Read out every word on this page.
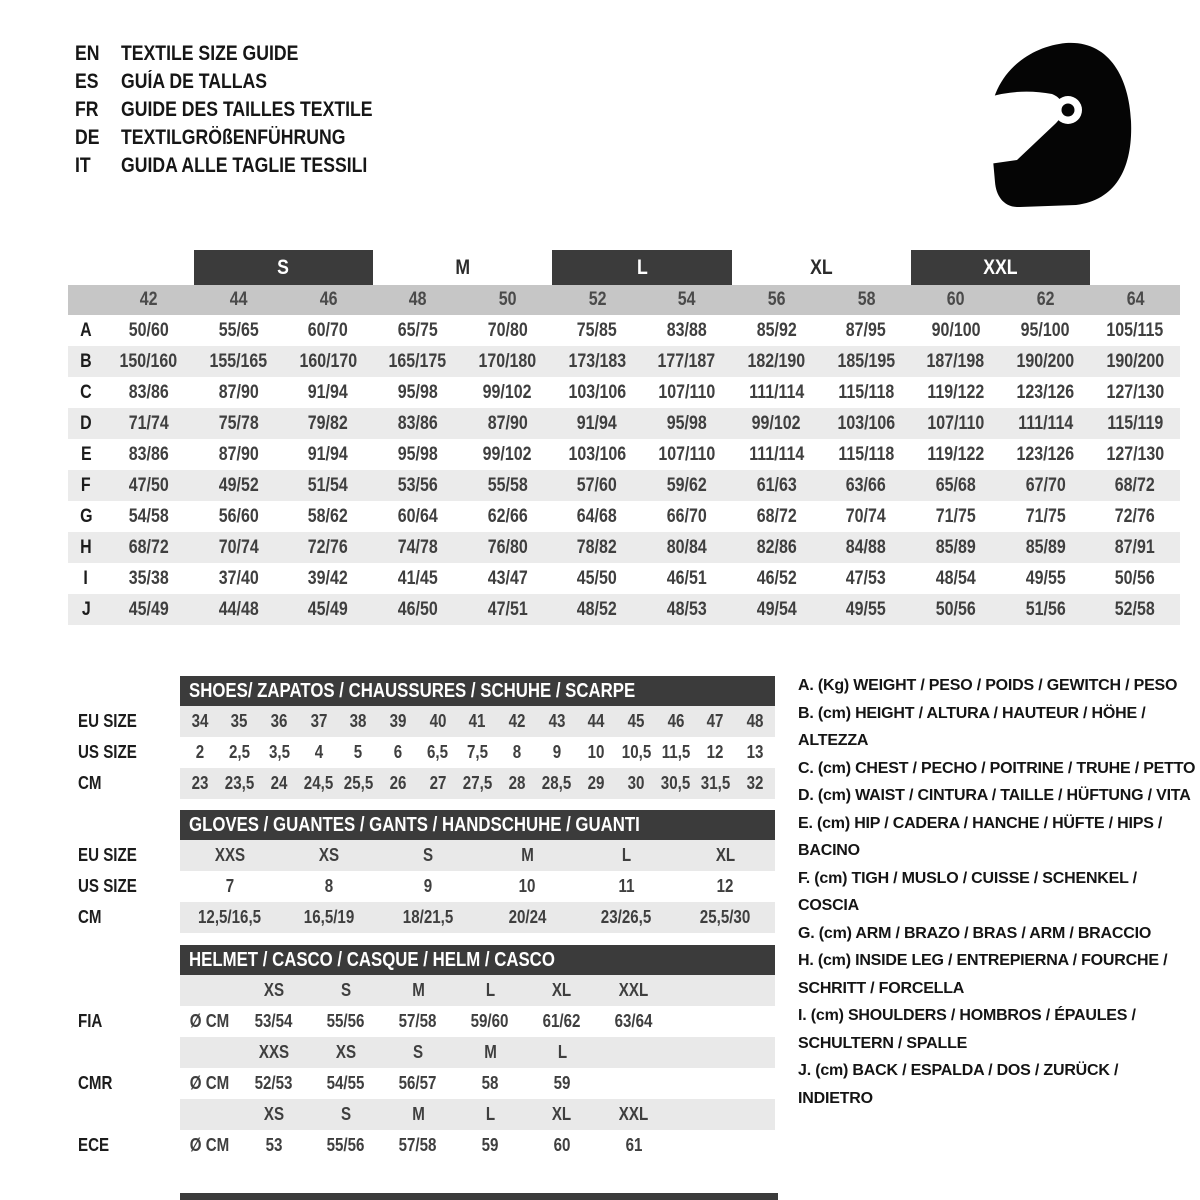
EN	TEXTILE SIZE GUIDE
ES	GUÍA DE TALLAS
FR	GUIDE DES TAILLES TEXTILE
DE	TEXTILGRÖßENFÜHRUNG
IT	GUIDA ALLE TAGLIE TESSILI
S	M	L	XL	XXL
42	44	46	48	50	52	54	56	58	60	62	64
A 50/60	55/65	60/70	65/75	70/80	75/85	83/88	85/92	87/95 90/100 95/100 105/115
B 150/160 155/165 160/170 165/175 170/180 173/183 177/187 182/190 185/195 187/198 190/200 190/200
C 83/86	87/90	91/94	95/98 99/102 103/106 107/110 111/114 115/118 119/122 123/126 127/130
D 71/74	75/78	79/82	83/86	87/90	91/94	95/98 99/102 103/106 107/110 111/114 115/119
E 83/86	87/90	91/94	95/98 99/102 103/106 107/110 111/114 115/118 119/122 123/126 127/130
F 47/50	49/52	51/54	53/56	55/58	57/60	59/62	61/63	63/66	65/68	67/70	68/72
G 54/58	56/60	58/62	60/64	62/66	64/68	66/70	68/72	70/74	71/75	71/75	72/76
H 68/72	70/74	72/76	74/78	76/80	78/82	80/84	82/86	84/88	85/89	85/89	87/91
I 35/38	37/40	39/42	41/45	43/47	45/50	46/51	46/52	47/53	48/54	49/55	50/56
J 45/49	44/48	45/49	46/50	47/51	48/52	48/53	49/54	49/55	50/56	51/56	52/58
SHOES/ ZAPATOS / CHAUSSURES / SCHUHE / SCARPE
EU SIZE	34 35 36 37 38 39 40 41 42 43 44 45 46 47 48
US SIZE	2 2,5 3,5 4 5 6 6,5 7,5 8 9 10 10,5 11,5 12 13
CM	23 23,5 24 24,5 25,5 26 27 27,5 28 28,5 29 30 30,5 31,5 32
GLOVES / GUANTES / GANTS / HANDSCHUHE / GUANTI
EU SIZE	XXS	XS	S	M	L	XL
US SIZE	7	8	9	10	11	12
CM	12,5/16,5 16,5/19	18/21,5	20/24	23/26,5	25,5/30
HELMET / CASCO / CASQUE / HELM / CASCO
XS	S	M	L	XL	XXL
FIA	Ø CM 53/54 55/56 57/58 59/60 61/62 63/64
XXS	XS	S	M	L
CMR	Ø CM 52/53 54/55 56/57 58	59
XS	S	M	L	XL	XXL
ECE	Ø CM 53 55/56 57/58 59	60	61
A. (Kg) WEIGHT / PESO / POIDS / GEWITCH / PESO
B. (cm) HEIGHT / ALTURA / HAUTEUR / HÖHE / ALTEZZA
C. (cm) CHEST / PECHO / POITRINE / TRUHE / PETTO
D. (cm) WAIST / CINTURA / TAILLE / HÜFTUNG / VITA
E. (cm) HIP / CADERA / HANCHE / HÜFTE / HIPS / BACINO
F. (cm) TIGH / MUSLO / CUISSE / SCHENKEL / COSCIA
G. (cm) ARM / BRAZO / BRAS / ARM / BRACCIO
H. (cm) INSIDE LEG / ENTREPIERNA / FOURCHE / SCHRITT / FORCELLA
I. (cm) SHOULDERS / HOMBROS / ÉPAULES / SCHULTERN / SPALLE
J. (cm) BACK / ESPALDA / DOS / ZURÜCK / INDIETRO
